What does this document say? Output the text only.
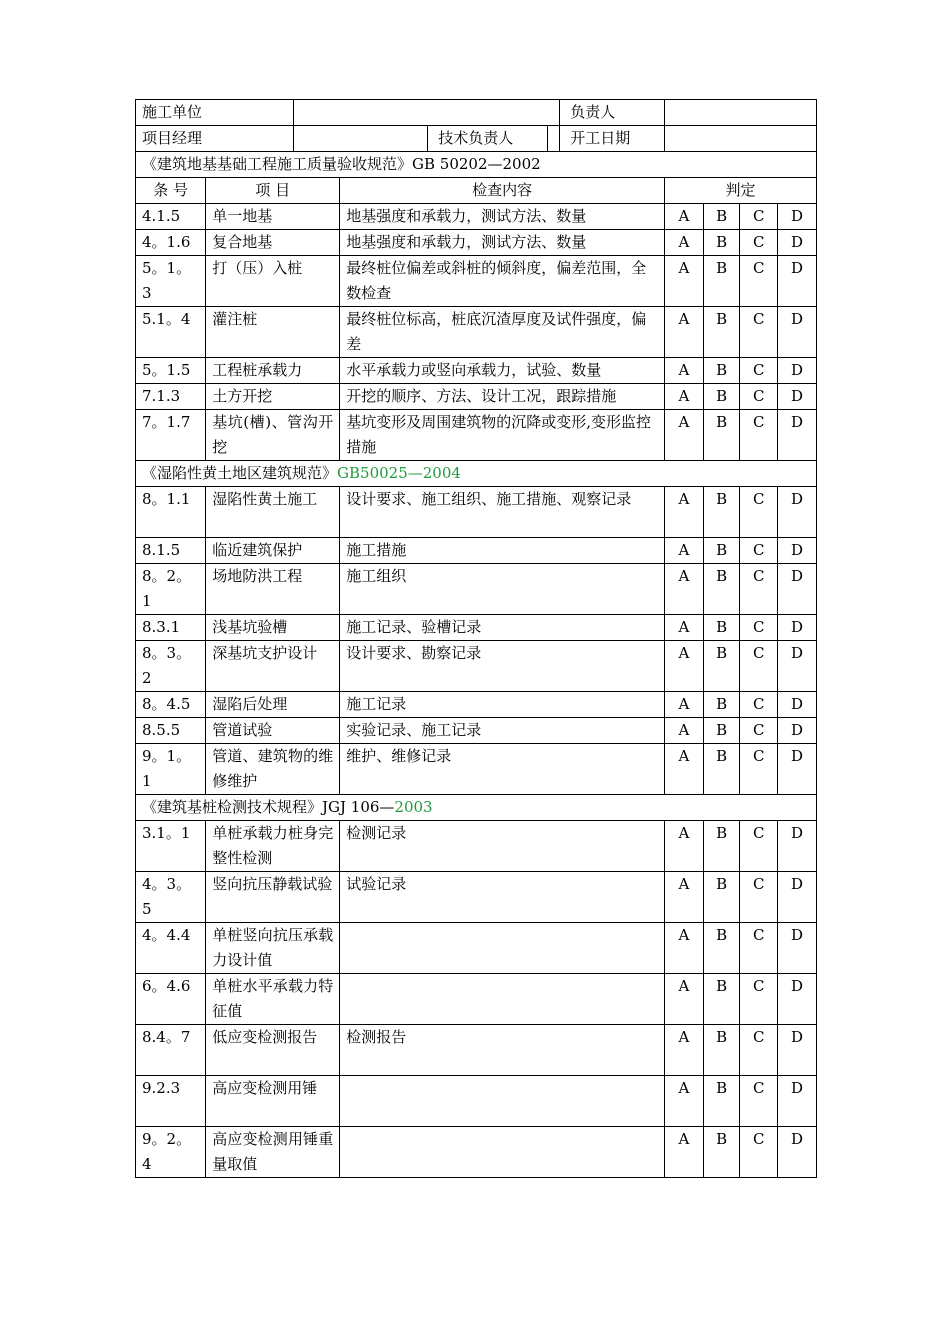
施工单位						负责人				
项目经理				技术负责人		开工日期				
《建筑地基基础工程施工质量验收规范》GB 50202—2002										
条 号	项 目		检查内容				判定			
4.1.5	单一地基		地基强度和承载力，测试方法、数量				A	B	C	D
4。1.6	复合地基		地基强度和承载力，测试方法、数量				A	B	C	D
5。1。3	打（压）入桩		最终桩位偏差或斜桩的倾斜度，偏差范围，全数检查				A	B	C	D
5.1。4	灌注桩		最终桩位标高，桩底沉渣厚度及试件强度，偏差				A	B	C	D
5。1.5	工程桩承载力		水平承载力或竖向承载力，试验、数量				A	B	C	D
7.1.3	土方开挖		开挖的顺序、方法、设计工况，跟踪措施				A	B	C	D
7。1.7	基坑(槽)、管沟开挖		基坑变形及周围建筑物的沉降或变形,变形监控措施				A	B	C	D
《湿陷性黄土地区建筑规范》GB50025—2004										
8。1.1	湿陷性黄土施工		设计要求、施工组织、施工措施、观察记录				A	B	C	D
8.1.5	临近建筑保护		施工措施				A	B	C	D
8。2。1	场地防洪工程		施工组织				A	B	C	D
8.3.1	浅基坑验槽		施工记录、验槽记录				A	B	C	D
8。3。2	深基坑支护设计		设计要求、勘察记录				A	B	C	D
8。4.5	湿陷后处理		施工记录				A	B	C	D
8.5.5	管道试验		实验记录、施工记录				A	B	C	D
9。1。1	管道、建筑物的维修维护		维护、维修记录				A	B	C	D
《建筑基桩检测技术规程》JGJ 106—2003										
3.1。1	单桩承载力桩身完整性检测		检测记录				A	B	C	D
4。3。5	竖向抗压静载试验		试验记录				A	B	C	D
4。4.4	单桩竖向抗压承载力设计值						A	B	C	D
6。4.6	单桩水平承载力特征值						A	B	C	D
8.4。7	低应变检测报告		检测报告				A	B	C	D
9.2.3	高应变检测用锤						A	B	C	D
9。2。4	高应变检测用锤重量取值						A	B	C	D
